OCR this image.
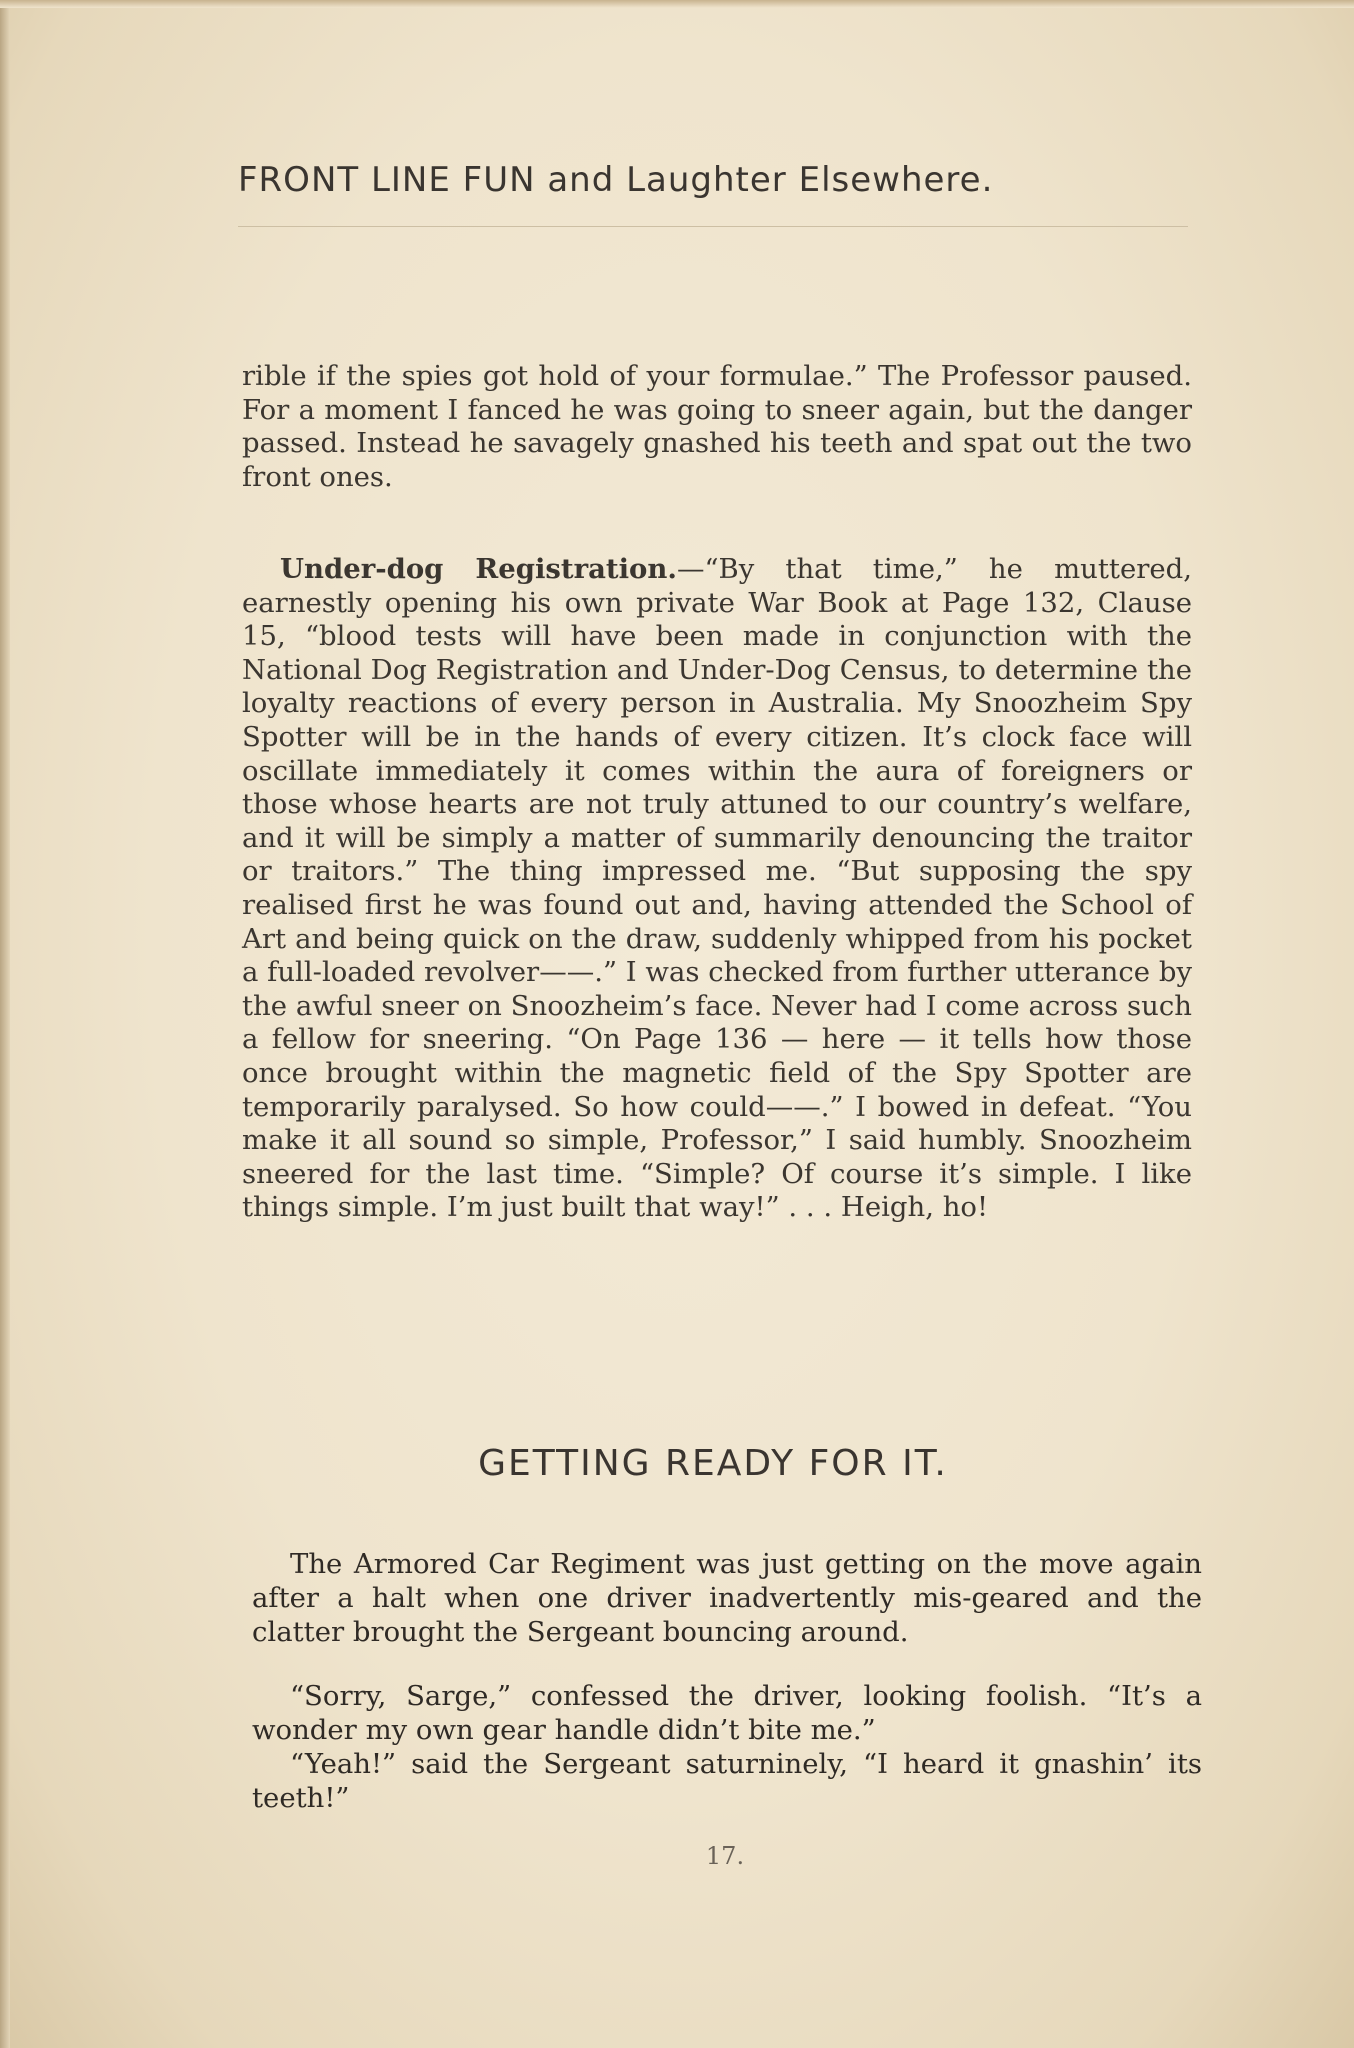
FRONT LINE FUN and Laughter Elsewhere.

rible if the spies got hold of your formulae.” The Professor paused. For a moment I fanced he was going to sneer again, but the danger passed. Instead he savagely gnashed his teeth and spat out the two front ones.

Under-dog Registration.—“By that time,” he muttered, earnestly opening his own private War Book at Page 132, Clause 15, “blood tests will have been made in conjunction with the National Dog Registration and Under-Dog Census, to determine the loyalty reactions of every person in Australia. My Snoozheim Spy Spotter will be in the hands of every citizen. It’s clock face will oscillate immediately it comes within the aura of foreigners or those whose hearts are not truly attuned to our country’s welfare, and it will be simply a matter of summarily denouncing the traitor or traitors.” The thing impressed me. “But supposing the spy realised first he was found out and, having attended the School of Art and being quick on the draw, suddenly whipped from his pocket a full-loaded revolver——.” I was checked from further utterance by the awful sneer on Snoozheim’s face. Never had I come across such a fellow for sneering. “On Page 136 — here — it tells how those once brought within the magnetic field of the Spy Spotter are temporarily paralysed. So how could——.” I bowed in defeat. “You make it all sound so simple, Professor,” I said humbly. Snoozheim sneered for the last time. “Simple? Of course it’s simple. I like things simple. I’m just built that way!” . . . Heigh, ho!

GETTING READY FOR IT.

The Armored Car Regiment was just getting on the move again after a halt when one driver inadvertently mis-geared and the clatter brought the Sergeant bouncing around.

“Sorry, Sarge,” confessed the driver, looking foolish. “It’s a wonder my own gear handle didn’t bite me.”

“Yeah!” said the Sergeant saturninely, “I heard it gnashin’ its teeth!”

17.
